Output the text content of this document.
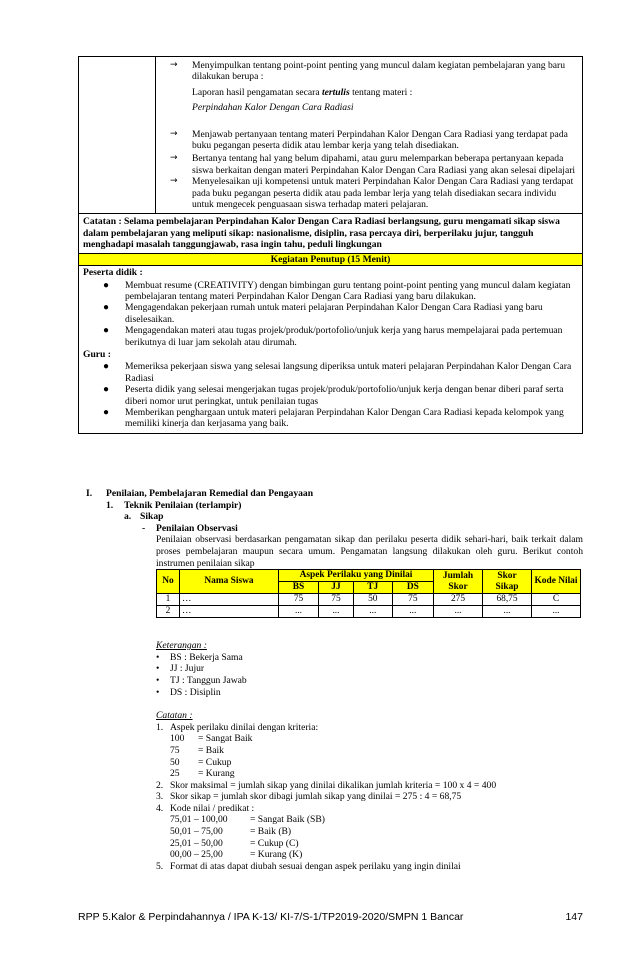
→	Menyimpulkan tentang point-point penting yang muncul dalam kegiatan pembelajaran yang baru dilakukan berupa :
Laporan hasil pengamatan secara tertulis tentang materi :
Perpindahan Kalor Dengan Cara Radiasi
→	Menjawab pertanyaan tentang materi Perpindahan Kalor Dengan Cara Radiasi yang terdapat pada buku pegangan peserta didik atau lembar kerja yang telah disediakan.
→	Bertanya tentang hal yang belum dipahami, atau guru melemparkan beberapa pertanyaan kepada siswa berkaitan dengan materi Perpindahan Kalor Dengan Cara Radiasi yang akan selesai dipelajari
→	Menyelesaikan uji kompetensi untuk materi Perpindahan Kalor Dengan Cara Radiasi yang terdapat pada buku pegangan peserta didik atau pada lembar lerja yang telah disediakan secara individu untuk mengecek penguasaan siswa terhadap materi pelajaran.

Catatan : Selama pembelajaran Perpindahan Kalor Dengan Cara Radiasi berlangsung, guru mengamati sikap siswa dalam pembelajaran yang meliputi sikap: nasionalisme, disiplin, rasa percaya diri, berperilaku jujur, tangguh menghadapi masalah tanggungjawab, rasa ingin tahu, peduli lingkungan
Kegiatan Penutup (15 Menit)

Peserta didik :
●	Membuat resume (CREATIVITY) dengan bimbingan guru tentang point-point penting yang muncul dalam kegiatan pembelajaran tentang materi Perpindahan Kalor Dengan Cara Radiasi yang baru dilakukan.
●	Mengagendakan pekerjaan rumah untuk materi pelajaran Perpindahan Kalor Dengan Cara Radiasi yang baru diselesaikan.
●	Mengagendakan materi atau tugas projek/produk/portofolio/unjuk kerja yang harus mempelajarai pada pertemuan berikutnya di luar jam sekolah atau dirumah.
Guru :
●	Memeriksa pekerjaan siswa yang selesai langsung diperiksa untuk materi pelajaran Perpindahan Kalor Dengan Cara Radiasi
●	Peserta didik yang selesai mengerjakan tugas projek/produk/portofolio/unjuk kerja dengan benar diberi paraf serta diberi nomor urut peringkat, untuk penilaian tugas
●	Memberikan penghargaan untuk materi pelajaran Perpindahan Kalor Dengan Cara Radiasi kepada kelompok yang memiliki kinerja dan kerjasama yang baik.
I.	Penilaian, Pembelajaran Remedial dan Pengayaan
1.	Teknik Penilaian (terlampir)
a. Sikap
-	Penilaian Observasi
Penilaian observasi berdasarkan pengamatan sikap dan perilaku peserta didik sehari-hari, baik terkait dalam proses pembelajaran maupun secara umum. Pengamatan langsung dilakukan oleh guru. Berikut contoh instrumen penilaian sikap
No	Nama Siswa	Aspek Perilaku yang Dinilai				Jumlah Skor	Skor Sikap	Kode Nilai
		BS	JJ	TJ	DS			
1	…	75	75	50	75	275	68,75	C
2	…	...	...	...	...	...	...	...
Keterangan :
•	BS : Bekerja Sama
•	JJ : Jujur
•	TJ : Tanggun Jawab
•	DS : Disiplin
Catatan :
1. Aspek perilaku dinilai dengan kriteria:
100	= Sangat Baik
75	= Baik
50	= Cukup
25	= Kurang
2. Skor maksimal = jumlah sikap yang dinilai dikalikan jumlah kriteria = 100 x 4 = 400
3. Skor sikap = jumlah skor dibagi jumlah sikap yang dinilai = 275 : 4 = 68,75
4. Kode nilai / predikat :
75,01 – 100,00	= Sangat Baik (SB)
50,01 – 75,00	= Baik (B)
25,01 – 50,00	= Cukup (C)
00,00 – 25,00	= Kurang (K)
5. Format di atas dapat diubah sesuai dengan aspek perilaku yang ingin dinilai
RPP 5.Kalor & Perpindahannya / IPA K-13/ KI-7/S-1/TP2019-2020/SMPN 1 Bancar	147
